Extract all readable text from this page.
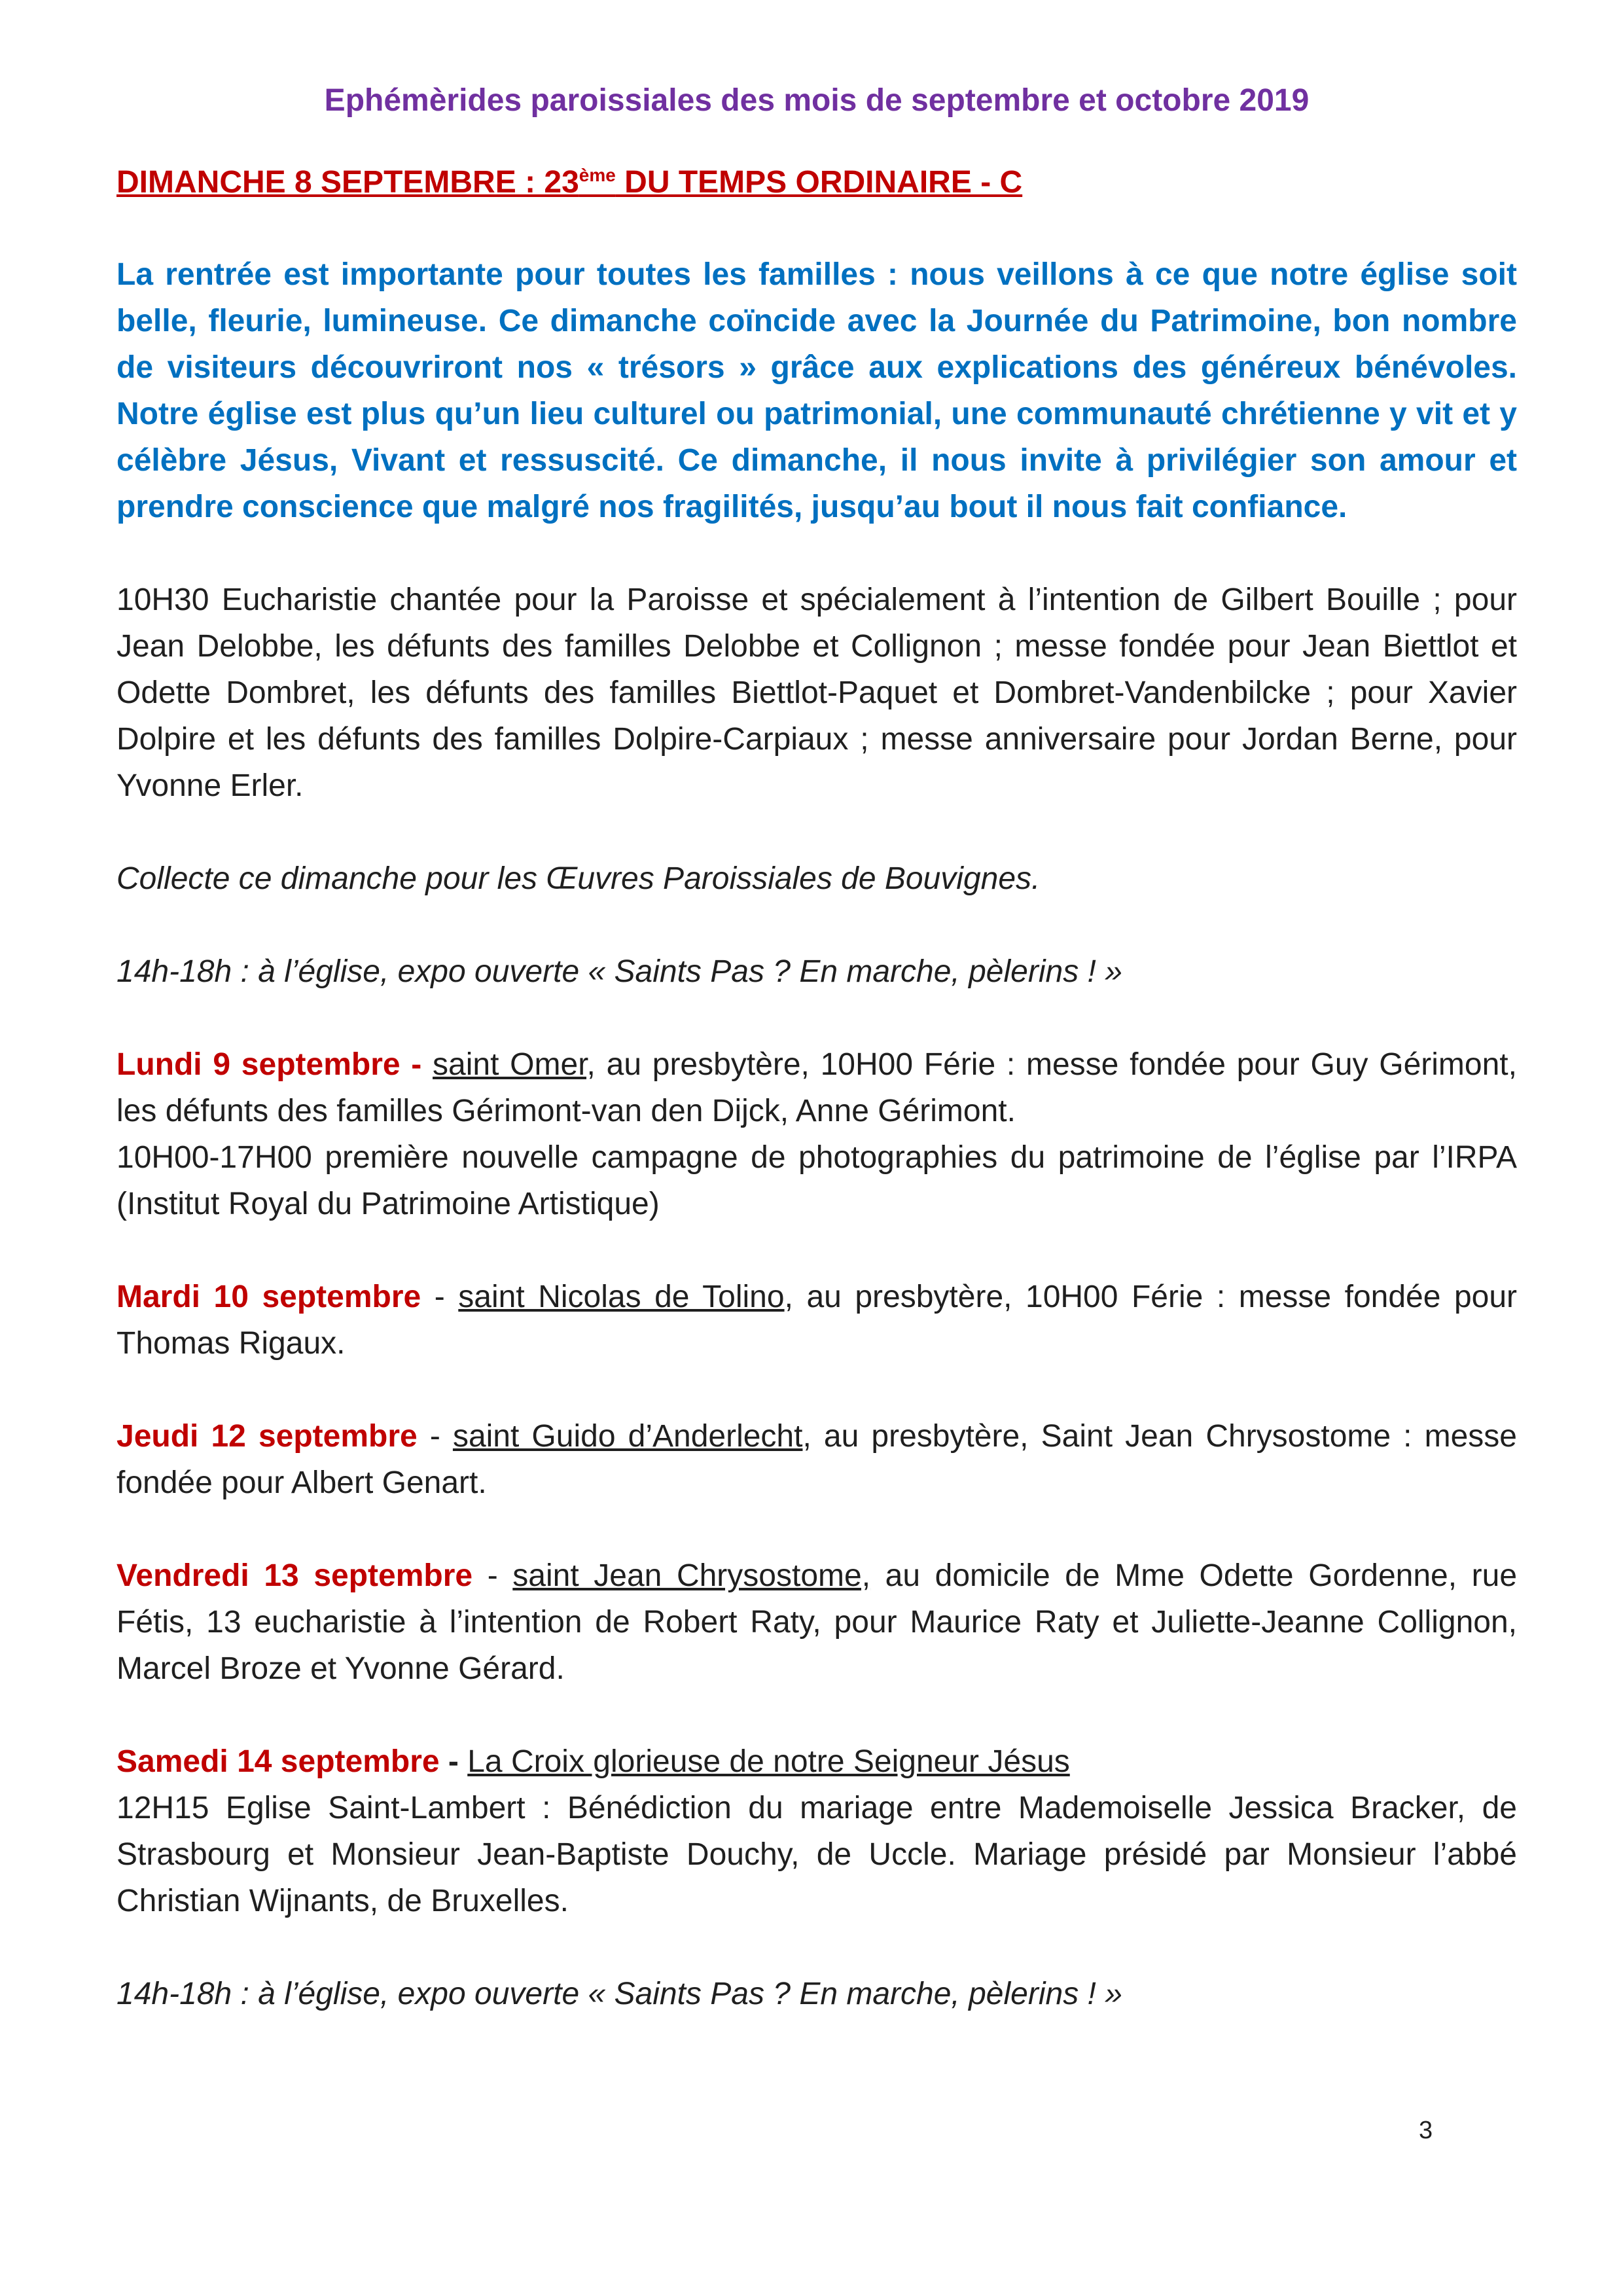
Ephémèrides paroissiales des mois de septembre et octobre 2019
DIMANCHE 8 SEPTEMBRE : 23ème DU TEMPS ORDINAIRE - C

La rentrée est importante pour toutes les familles : nous veillons à ce que notre église soit belle, fleurie, lumineuse. Ce dimanche coïncide avec la Journée du Patrimoine, bon nombre de visiteurs découvriront nos « trésors » grâce aux explications des généreux bénévoles. Notre église est plus qu’un lieu culturel ou patrimonial, une communauté chrétienne y vit et y célèbre Jésus, Vivant et ressuscité. Ce dimanche, il nous invite à privilégier son amour et prendre conscience que malgré nos fragilités, jusqu’au bout il nous fait confiance.

10H30 Eucharistie chantée pour la Paroisse et spécialement à l’intention de Gilbert Bouille ; pour Jean Delobbe, les défunts des familles Delobbe et Collignon ; messe fondée pour Jean Biettlot et Odette Dombret, les défunts des familles Biettlot-Paquet et Dombret-Vandenbilcke ; pour Xavier Dolpire et les défunts des familles Dolpire-Carpiaux ; messe anniversaire pour Jordan Berne, pour Yvonne Erler.

Collecte ce dimanche pour les Œuvres Paroissiales de Bouvignes.

14h-18h : à l’église, expo ouverte « Saints Pas ? En marche, pèlerins ! »

Lundi 9 septembre - saint Omer, au presbytère, 10H00 Férie : messe fondée pour Guy Gérimont, les défunts des familles Gérimont-van den Dijck, Anne Gérimont.

10H00-17H00 première nouvelle campagne de photographies du patrimoine de l’église par l’IRPA (Institut Royal du Patrimoine Artistique)

Mardi 10 septembre - saint Nicolas de Tolino, au presbytère, 10H00 Férie : messe fondée pour Thomas Rigaux.

Jeudi 12 septembre - saint Guido d’Anderlecht, au presbytère, Saint Jean Chrysostome : messe fondée pour Albert Genart.

Vendredi 13 septembre - saint Jean Chrysostome, au domicile de Mme Odette Gordenne, rue Fétis, 13 eucharistie à l’intention de Robert Raty, pour Maurice Raty et Juliette-Jeanne Collignon, Marcel Broze et Yvonne Gérard.

Samedi 14 septembre - La Croix glorieuse de notre Seigneur Jésus

12H15 Eglise Saint-Lambert : Bénédiction du mariage entre Mademoiselle Jessica Bracker, de Strasbourg et Monsieur Jean-Baptiste Douchy, de Uccle. Mariage présidé par Monsieur l’abbé Christian Wijnants, de Bruxelles.

14h-18h : à l’église, expo ouverte « Saints Pas ? En marche, pèlerins ! »

3
